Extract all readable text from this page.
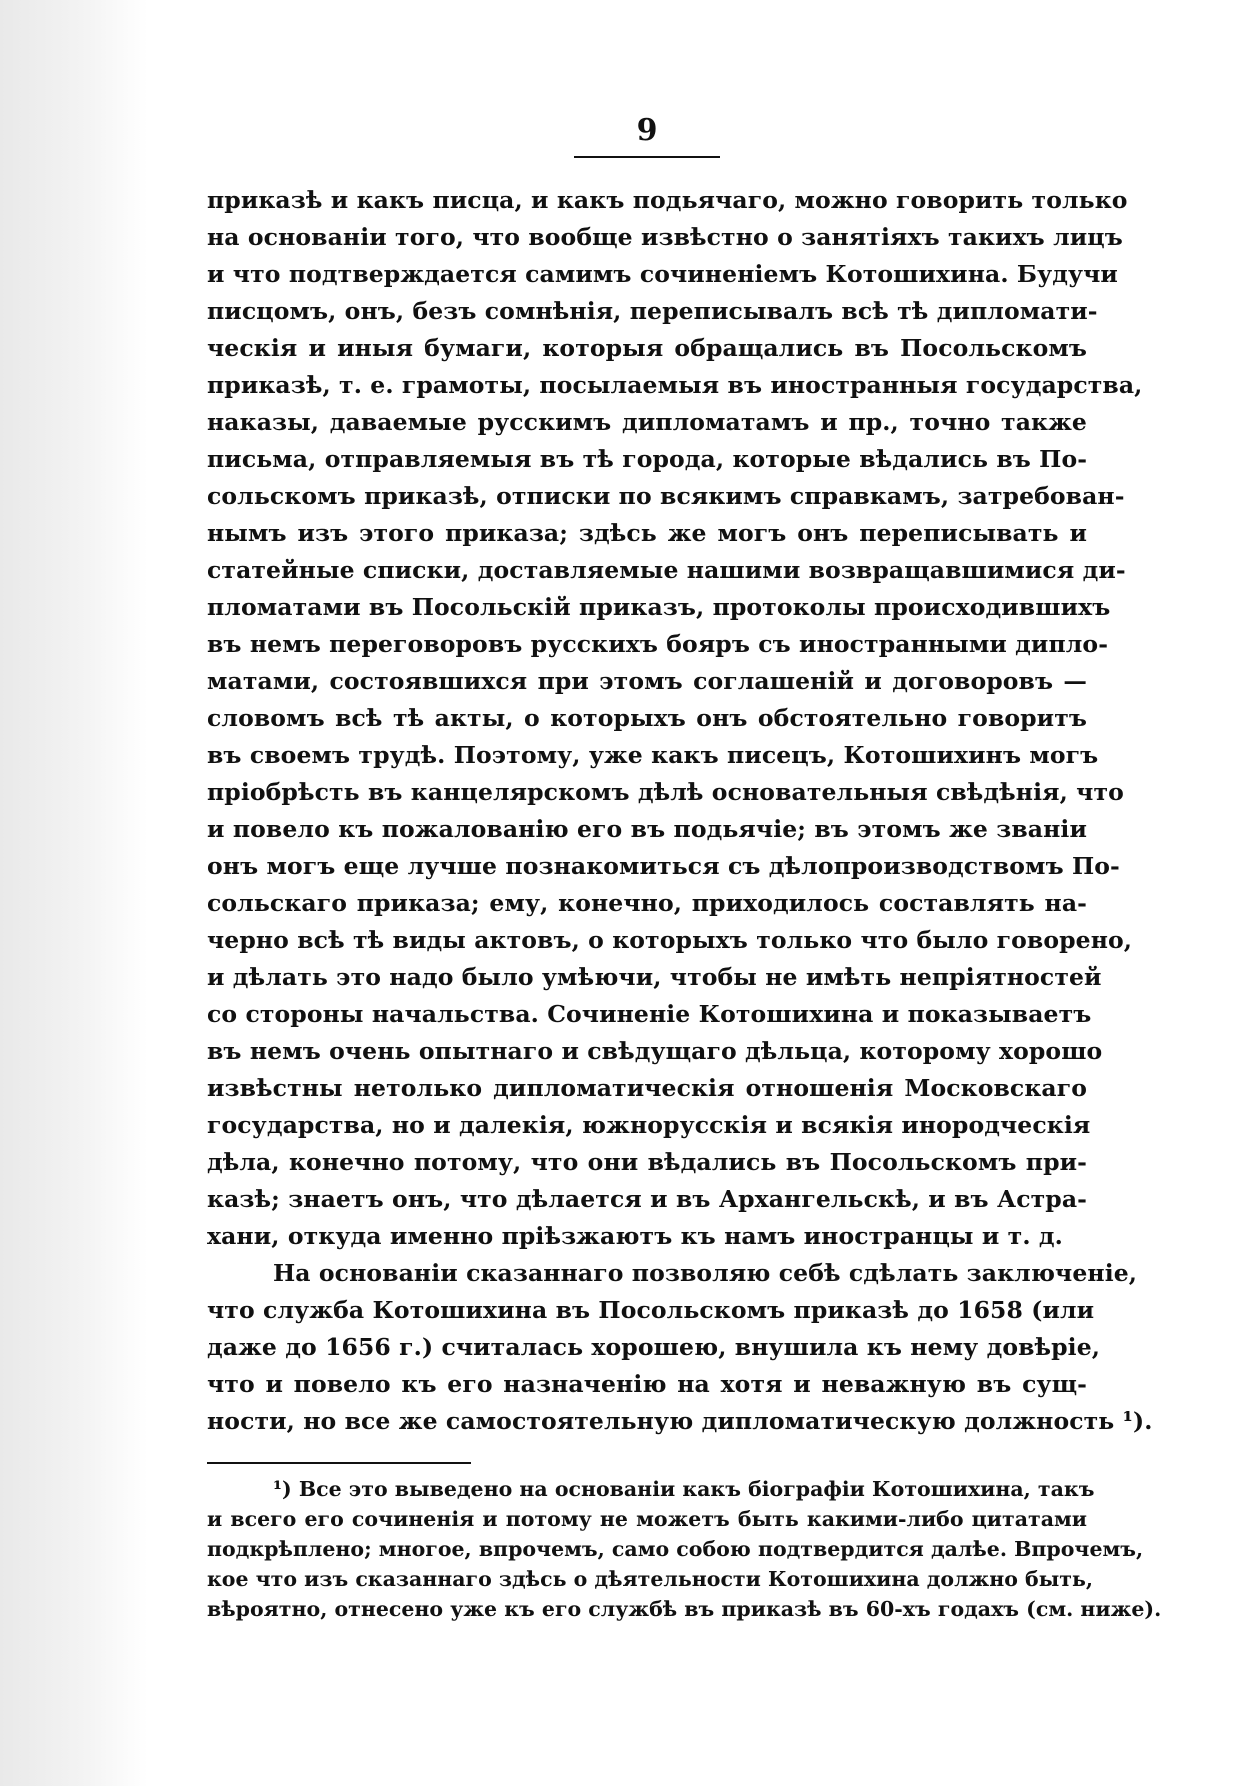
9
приказѣ и какъ писца, и какъ подьячаго, можно говорить только
на основаніи того, что вообще извѣстно о занятіяхъ такихъ лицъ
и что подтверждается самимъ сочиненіемъ Котошихина. Будучи
писцомъ, онъ, безъ сомнѣнія, переписывалъ всѣ тѣ дипломати-
ческія и иныя бумаги, которыя обращались въ Посольскомъ
приказѣ, т. е. грамоты, посылаемыя въ иностранныя государства,
наказы, даваемые русскимъ дипломатамъ и пр., точно также
письма, отправляемыя въ тѣ города, которые вѣдались въ По-
сольскомъ приказѣ, отписки по всякимъ справкамъ, затребован-
нымъ изъ этого приказа; здѣсь же могъ онъ переписывать и
статейные списки, доставляемые нашими возвращавшимися ди-
пломатами въ Посольскій приказъ, протоколы происходившихъ
въ немъ переговоровъ русскихъ бояръ съ иностранными дипло-
матами, состоявшихся при этомъ соглашеній и договоровъ —
словомъ всѣ тѣ акты, о которыхъ онъ обстоятельно говоритъ
въ своемъ трудѣ. Поэтому, уже какъ писецъ, Котошихинъ могъ
пріобрѣсть въ канцелярскомъ дѣлѣ основательныя свѣдѣнія, что
и повело къ пожалованію его въ подьячіе; въ этомъ же званіи
онъ могъ еще лучше познакомиться съ дѣлопроизводствомъ По-
сольскаго приказа; ему, конечно, приходилось составлять на-
черно всѣ тѣ виды актовъ, о которыхъ только что было говорено,
и дѣлать это надо было умѣючи, чтобы не имѣть непріятностей
со стороны начальства. Сочиненіе Котошихина и показываетъ
въ немъ очень опытнаго и свѣдущаго дѣльца, которому хорошо
извѣстны нетолько дипломатическія отношенія Московскаго
государства, но и далекія, южнорусскія и всякія инородческія
дѣла, конечно потому, что они вѣдались въ Посольскомъ при-
казѣ; знаетъ онъ, что дѣлается и въ Архангельскѣ, и въ Астра-
хани, откуда именно пріѣзжаютъ къ намъ иностранцы и т. д.
На основаніи сказаннаго позволяю себѣ сдѣлать заключеніе,
что служба Котошихина въ Посольскомъ приказѣ до 1658 (или
даже до 1656 г.) считалась хорошею, внушила къ нему довѣріе,
что и повело къ его назначенію на хотя и неважную въ сущ-
ности, но все же самостоятельную дипломатическую должность ¹).
¹) Все это выведено на основаніи какъ біографіи Котошихина, такъ
и всего его сочиненія и потому не можетъ быть какими-либо цитатами
подкрѣплено; многое, впрочемъ, само собою подтвердится далѣе. Впрочемъ,
кое что изъ сказаннаго здѣсь о дѣятельности Котошихина должно быть,
вѣроятно, отнесено уже къ его службѣ въ приказѣ въ 60-хъ годахъ (см. ниже).
